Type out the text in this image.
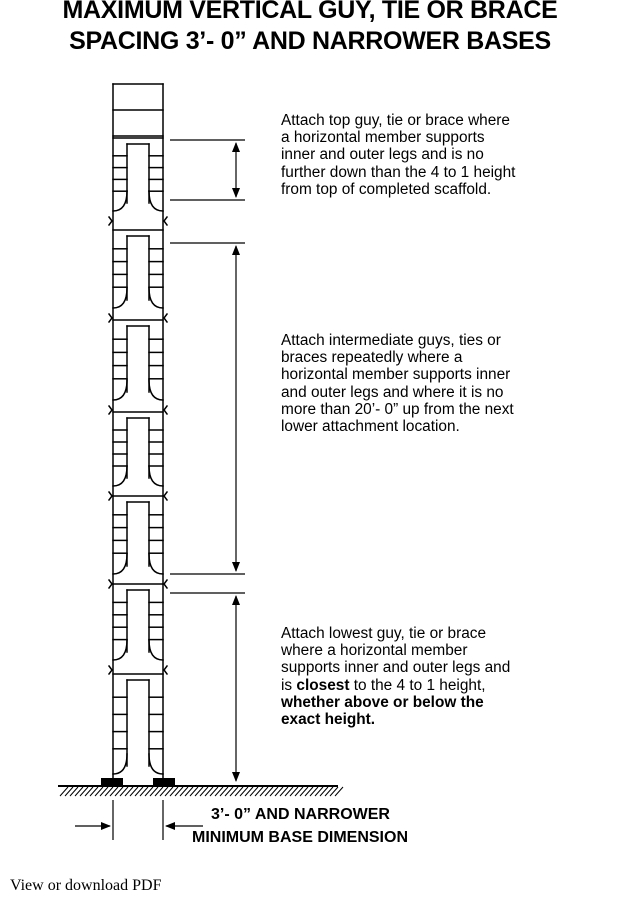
MAXIMUM VERTICAL GUY, TIE OR BRACE
SPACING 3’- 0” AND NARROWER BASES
Attach top guy, tie or brace where
a horizontal member supports
inner and outer legs and is no
further down than the 4 to 1 height
from top of completed scaffold.
Attach intermediate guys, ties or
braces repeatedly where a
horizontal member supports inner
and outer legs and where it is no
more than 20’- 0” up from the next
lower attachment location.
Attach lowest guy, tie or brace
where a horizontal member
supports inner and outer legs and
is closest to the 4 to 1 height,
whether above or below the
exact height.
3’- 0” AND NARROWER
MINIMUM BASE DIMENSION
View or download PDF
